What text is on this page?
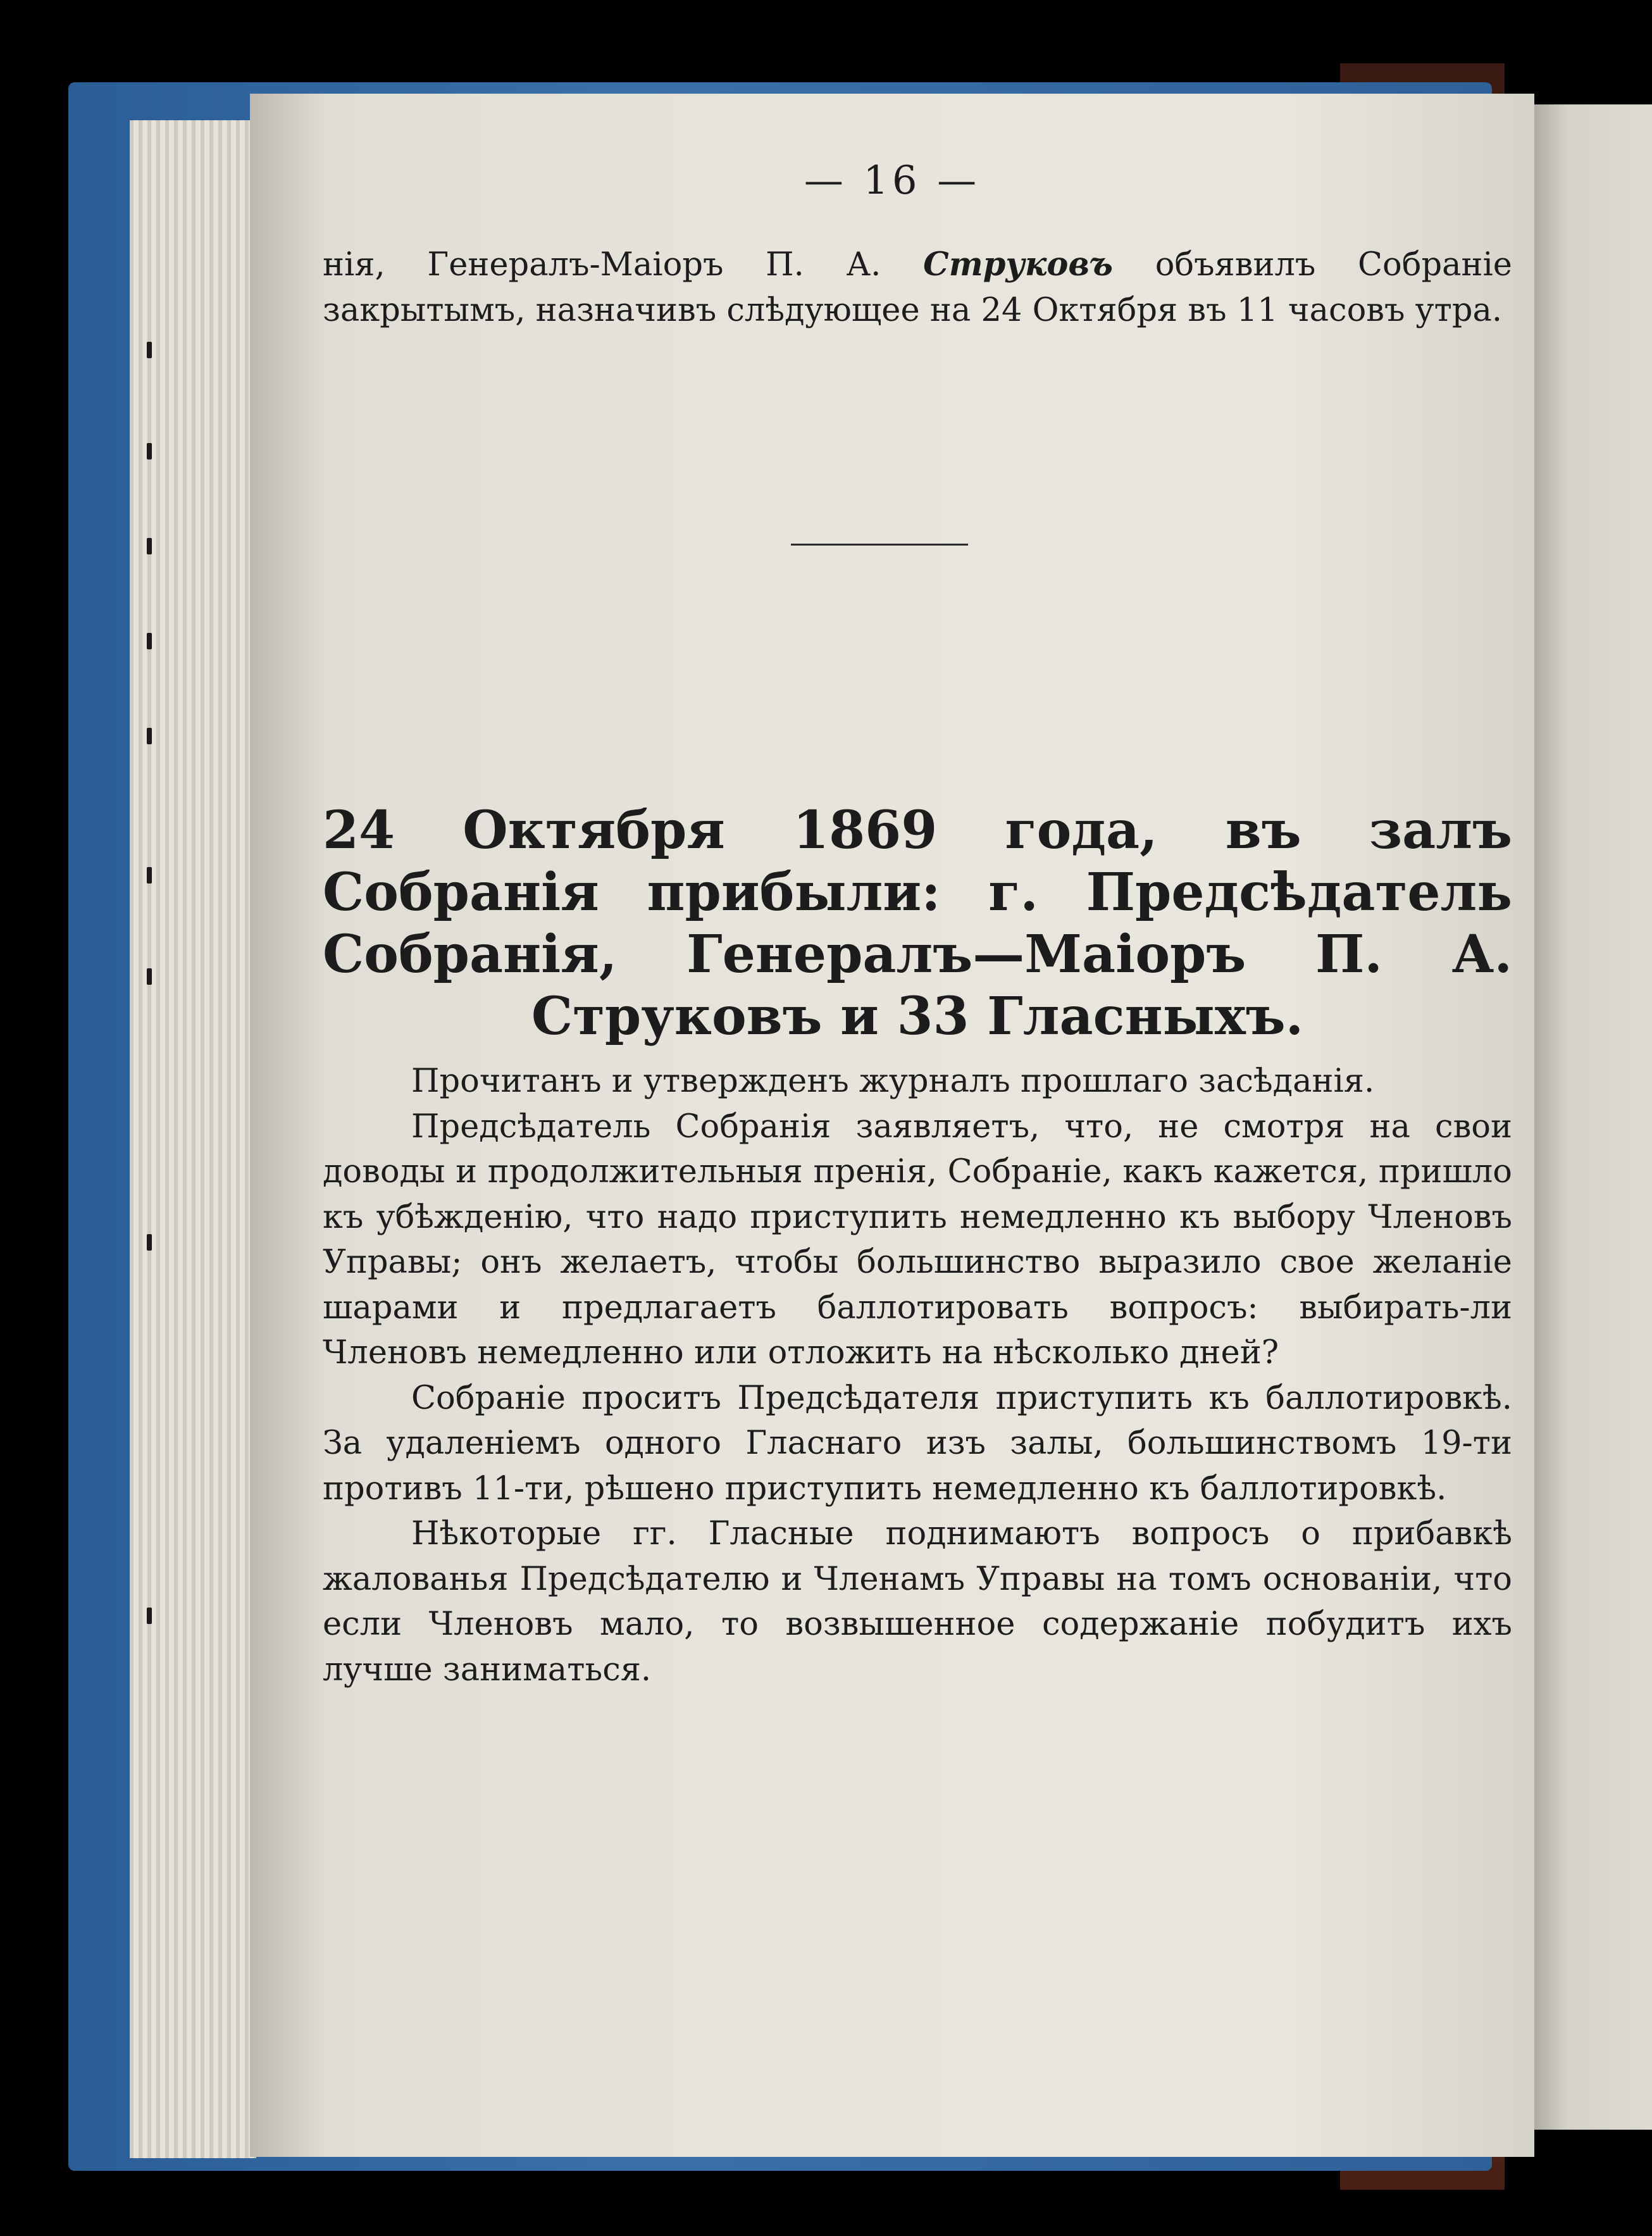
— 16 —

нія, Генералъ-Маіоръ П. А. Струковъ объявилъ Собраніе закрытымъ, назначивъ слѣдующее на 24 Октября въ 11 часовъ утра.

24 Октября 1869 года, въ залъ Собранія прибыли: г. Предсѣдатель Собранія, Генералъ—Маіоръ П. А. Струковъ и 33 Гласныхъ.

Прочитанъ и утвержденъ журналъ прошлаго засѣданія.

Предсѣдатель Собранія заявляетъ, что, не смотря на свои доводы и продолжительныя пренія, Собраніе, какъ кажется, пришло къ убѣжденію, что надо приступить немедленно къ выбору Членовъ Управы; онъ желаетъ, чтобы большинство выразило свое желаніе шарами и предлагаетъ баллотировать вопросъ: выбирать-ли Членовъ немедленно или отложить на нѣсколько дней?

Собраніе проситъ Предсѣдателя приступить къ баллотировкѣ. За удаленіемъ одного Гласнаго изъ залы, большинствомъ 19-ти противъ 11-ти, рѣшено приступить немедленно къ баллотировкѣ.

Нѣкоторые гг. Гласные поднимаютъ вопросъ о прибавкѣ жалованья Предсѣдателю и Членамъ Управы на томъ основаніи, что если Членовъ мало, то возвышенное содержаніе побудитъ ихъ лучше заниматься.
